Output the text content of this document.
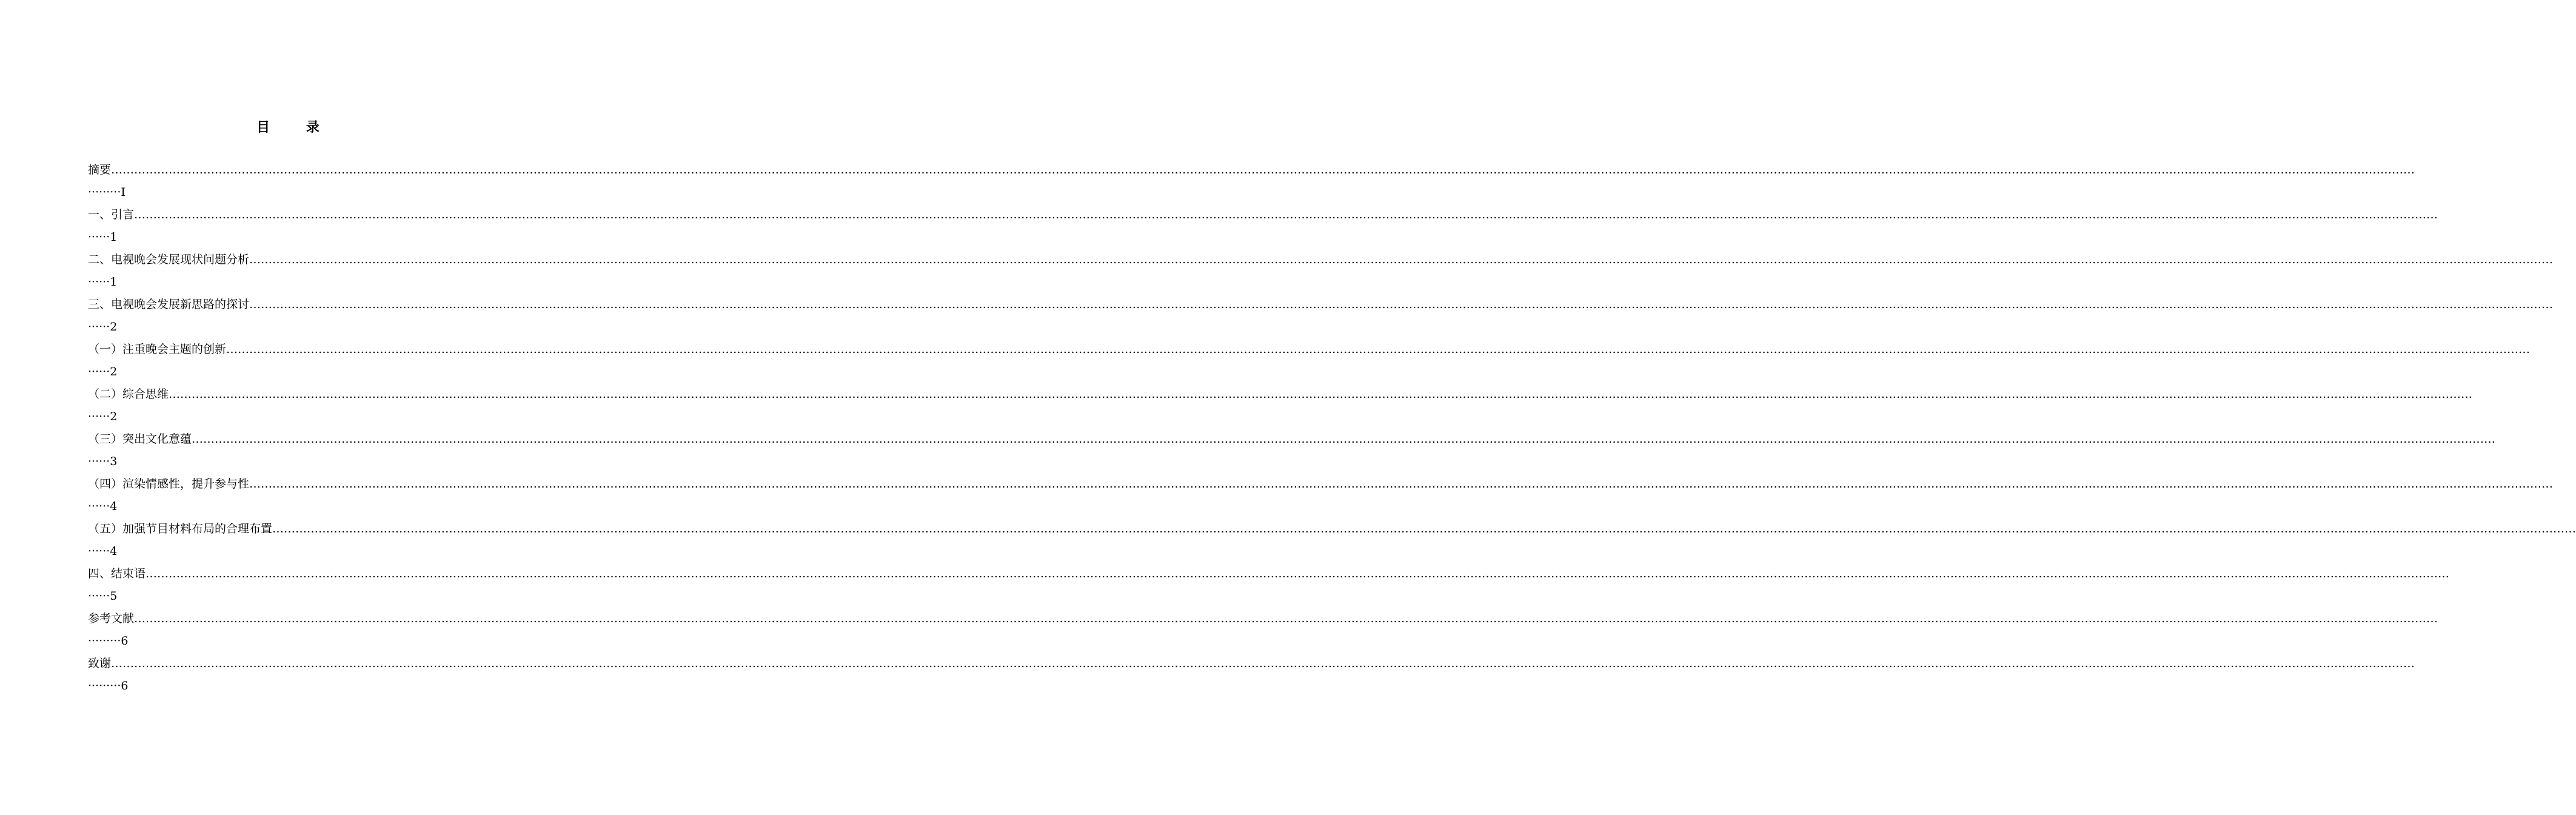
目 录
摘要 ……………………………………………………………………………………………………………………………………………………………………………………………………………………………………………………………………………………………………………………………………………………………………………………………………………………………………………………………………………………………………………………………………………………
·········I
一、引言 ……………………………………………………………………………………………………………………………………………………………………………………………………………………………………………………………………………………………………………………………………………………………………………………………………………………………………………………………………………………………………………………………………………………
······1
二、电视晚会发展现状问题分析 ……………………………………………………………………………………………………………………………………………………………………………………………………………………………………………………………………………………………………………………………………………………………………………………………………………………………………………………………………………………………………………………………………………………
······1
三、电视晚会发展新思路的探讨 ……………………………………………………………………………………………………………………………………………………………………………………………………………………………………………………………………………………………………………………………………………………………………………………………………………………………………………………………………………………………………………………………………………………
······2
（一）注重晚会主题的创新 ……………………………………………………………………………………………………………………………………………………………………………………………………………………………………………………………………………………………………………………………………………………………………………………………………………………………………………………………………………………………………………………………………………………
······2
（二）综合思维 ……………………………………………………………………………………………………………………………………………………………………………………………………………………………………………………………………………………………………………………………………………………………………………………………………………………………………………………………………………………………………………………………………………………
······2
（三）突出文化意蕴 ……………………………………………………………………………………………………………………………………………………………………………………………………………………………………………………………………………………………………………………………………………………………………………………………………………………………………………………………………………………………………………………………………………………
······3
（四）渲染情感性，提升参与性 ……………………………………………………………………………………………………………………………………………………………………………………………………………………………………………………………………………………………………………………………………………………………………………………………………………………………………………………………………………………………………………………………………………………
······4
（五）加强节目材料布局的合理布置 ……………………………………………………………………………………………………………………………………………………………………………………………………………………………………………………………………………………………………………………………………………………………………………………………………………………………………………………………………………………………………………………………………………………
······4
四、结束语 ……………………………………………………………………………………………………………………………………………………………………………………………………………………………………………………………………………………………………………………………………………………………………………………………………………………………………………………………………………………………………………………………………………………
······5
参考文献 ……………………………………………………………………………………………………………………………………………………………………………………………………………………………………………………………………………………………………………………………………………………………………………………………………………………………………………………………………………………………………………………………………………………
·········6
致谢 ……………………………………………………………………………………………………………………………………………………………………………………………………………………………………………………………………………………………………………………………………………………………………………………………………………………………………………………………………………………………………………………………………………………
·········6
